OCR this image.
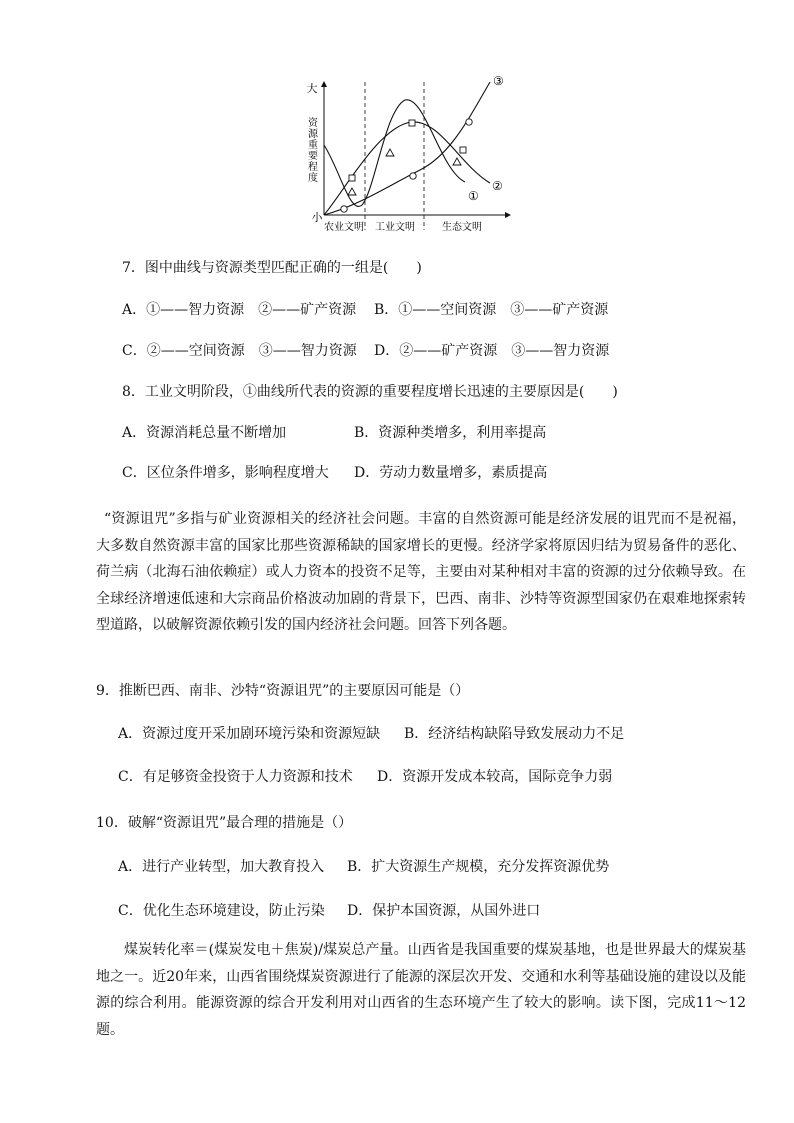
大
小
资
源
重
要
程
度
农业文明 工业文明	生态文明
①
②
③
7．图中曲线与资源类型匹配正确的一组是(　　)
A．①——智力资源　②——矿产资源 B．①——空间资源　③——矿产资源
C．②——空间资源　③——智力资源 D．②——矿产资源　③——智力资源
8．工业文明阶段，①曲线所代表的资源的重要程度增长迅速的主要原因是(　　)
A．资源消耗总量不断增加	B．资源种类增多，利用率提高
C．区位条件增多，影响程度增大 D．劳动力数量增多，素质提高
“资源诅咒”多指与矿业资源相关的经济社会问题。丰富的自然资源可能是经济发展的诅咒而不是祝福，大多数自然资源丰富的国家比那些资源稀缺的国家增长的更慢。经济学家将原因归结为贸易备件的恶化、荷兰病（北海石油依赖症）或人力资本的投资不足等，主要由对某种相对丰富的资源的过分依赖导致。在全球经济增速低速和大宗商品价格波动加剧的背景下，巴西、南非、沙特等资源型国家仍在艰难地探索转型道路，以破解资源依赖引发的国内经济社会问题。回答下列各题。
9．推断巴西、南非、沙特“资源诅咒”的主要原因可能是（）
A．资源过度开采加剧环境污染和资源短缺 B．经济结构缺陷导致发展动力不足
C．有足够资金投资于人力资源和技术 D．资源开发成本较高，国际竞争力弱
10．破解“资源诅咒”最合理的措施是（）
A．进行产业转型，加大教育投入 B．扩大资源生产规模，充分发挥资源优势
C．优化生态环境建设，防止污染 D．保护本国资源，从国外进口
煤炭转化率＝(煤炭发电＋焦炭)/煤炭总产量。山西省是我国重要的煤炭基地，也是世界最大的煤炭基地之一。近20年来，山西省围绕煤炭资源进行了能源的深层次开发、交通和水利等基础设施的建设以及能源的综合利用。能源资源的综合开发利用对山西省的生态环境产生了较大的影响。读下图，完成11～12题。
